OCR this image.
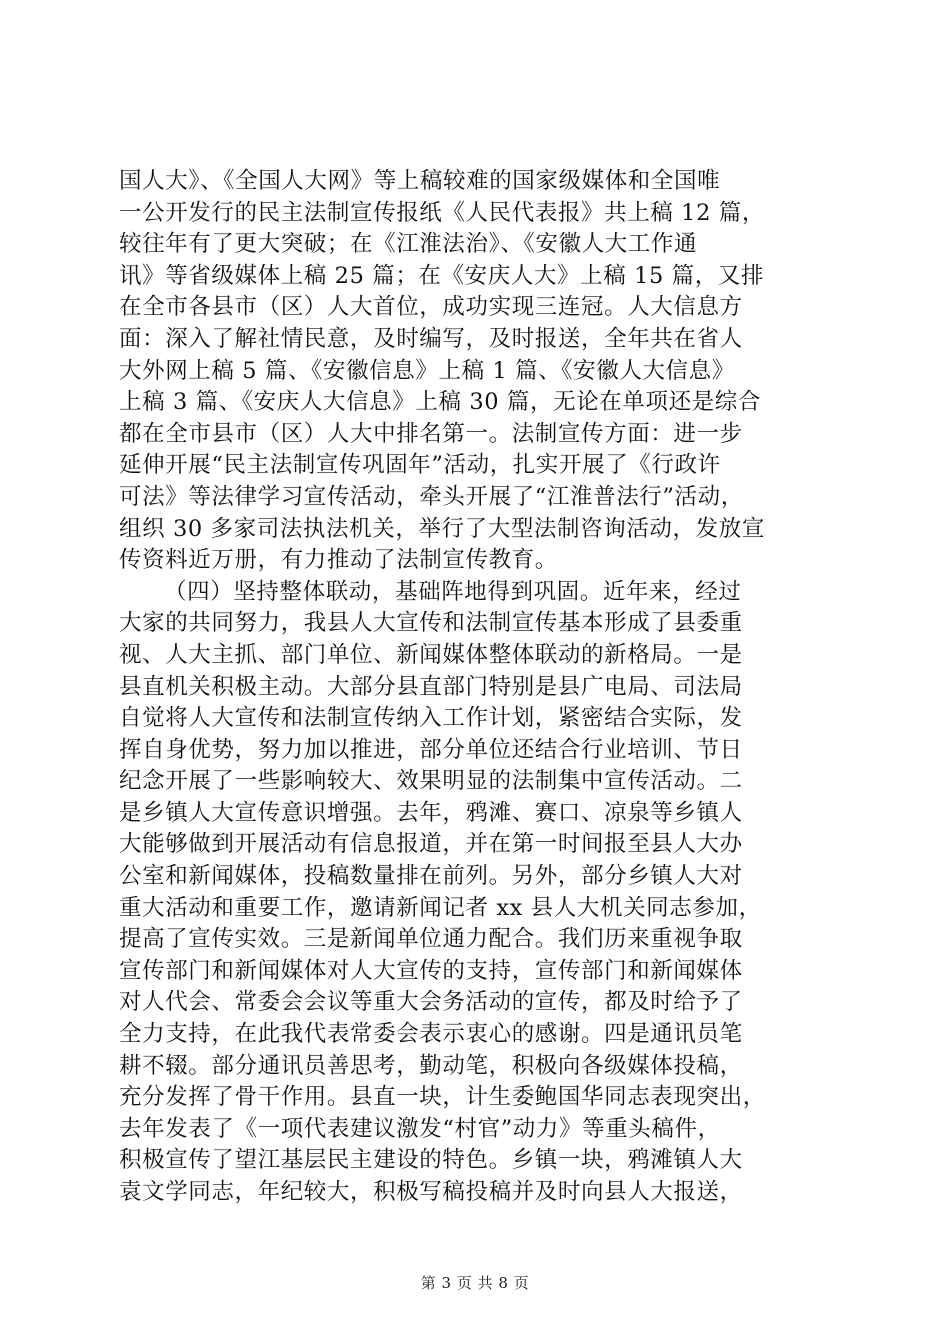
国人大》、《全国人大网》等上稿较难的国家级媒体和全国唯
一公开发行的民主法制宣传报纸《人民代表报》共上稿 12 篇，
较往年有了更大突破；在《江淮法治》、《安徽人大工作通
讯》等省级媒体上稿 25 篇；在《安庆人大》上稿 15 篇，又排
在全市各县市（区）人大首位，成功实现三连冠。人大信息方
面：深入了解社情民意，及时编写，及时报送，全年共在省人
大外网上稿 5 篇、《安徽信息》上稿 1 篇、《安徽人大信息》
上稿 3 篇、《安庆人大信息》上稿 30 篇，无论在单项还是综合
都在全市县市（区）人大中排名第一。法制宣传方面：进一步
延伸开展“民主法制宣传巩固年”活动，扎实开展了《行政许
可法》等法律学习宣传活动，牵头开展了“江淮普法行”活动，
组织 30 多家司法执法机关，举行了大型法制咨询活动，发放宣
传资料近万册，有力推动了法制宣传教育。
（四）坚持整体联动，基础阵地得到巩固。近年来，经过
大家的共同努力，我县人大宣传和法制宣传基本形成了县委重
视、人大主抓、部门单位、新闻媒体整体联动的新格局。一是
县直机关积极主动。大部分县直部门特别是县广电局、司法局
自觉将人大宣传和法制宣传纳入工作计划，紧密结合实际，发
挥自身优势，努力加以推进，部分单位还结合行业培训、节日
纪念开展了一些影响较大、效果明显的法制集中宣传活动。二
是乡镇人大宣传意识增强。去年，鸦滩、赛口、凉泉等乡镇人
大能够做到开展活动有信息报道，并在第一时间报至县人大办
公室和新闻媒体，投稿数量排在前列。另外，部分乡镇人大对
重大活动和重要工作，邀请新闻记者 xx 县人大机关同志参加，
提高了宣传实效。三是新闻单位通力配合。我们历来重视争取
宣传部门和新闻媒体对人大宣传的支持，宣传部门和新闻媒体
对人代会、常委会会议等重大会务活动的宣传，都及时给予了
全力支持，在此我代表常委会表示衷心的感谢。四是通讯员笔
耕不辍。部分通讯员善思考，勤动笔，积极向各级媒体投稿，
充分发挥了骨干作用。县直一块，计生委鲍国华同志表现突出，
去年发表了《一项代表建议激发“村官”动力》等重头稿件，
积极宣传了望江基层民主建设的特色。乡镇一块，鸦滩镇人大
袁文学同志，年纪较大，积极写稿投稿并及时向县人大报送，
第 3 页 共 8 页
